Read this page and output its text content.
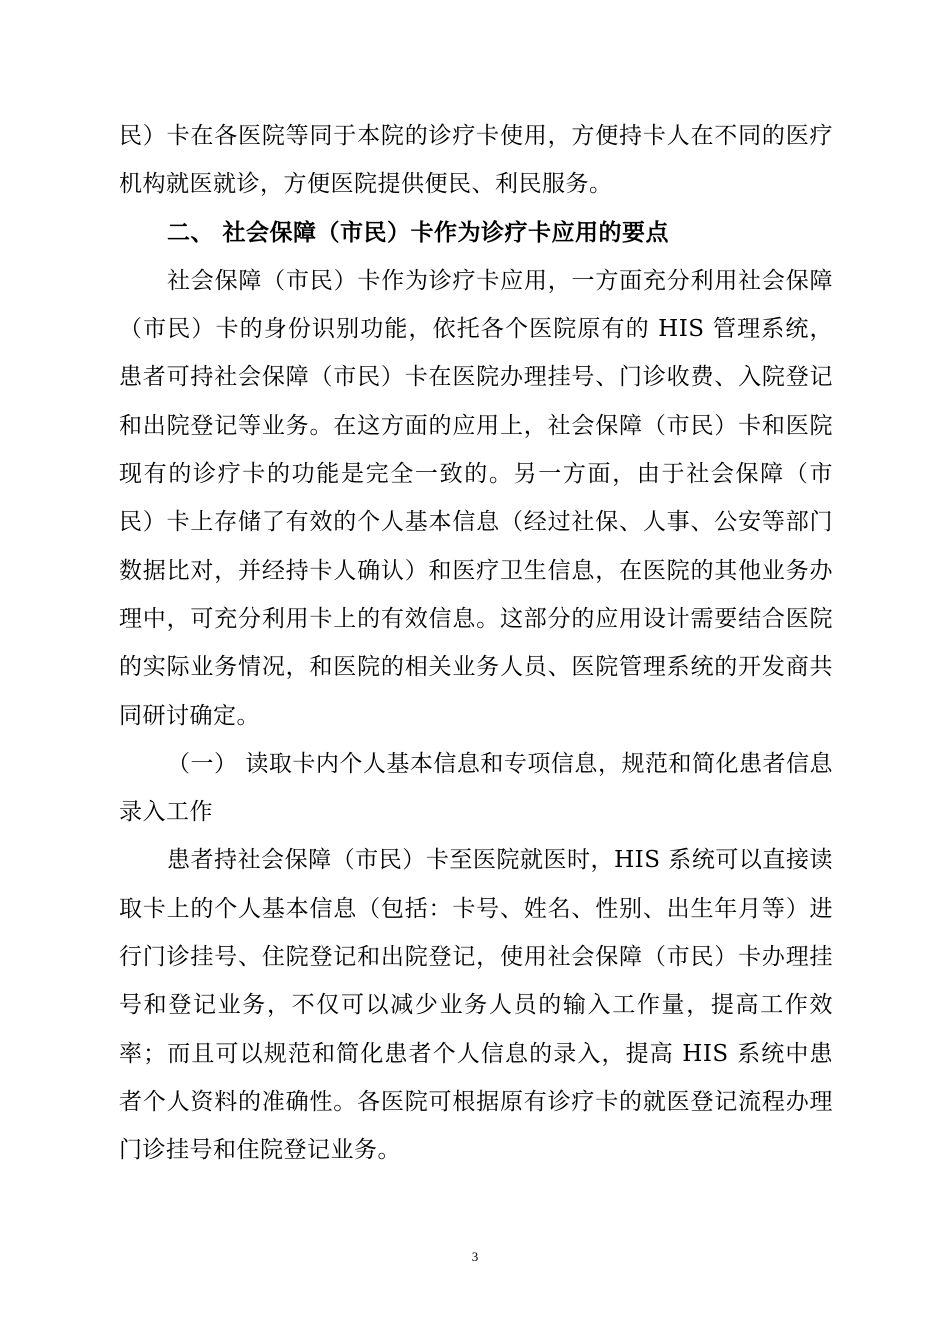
民）卡在各医院等同于本院的诊疗卡使用，方便持卡人在不同的医疗机构就医就诊，方便医院提供便民、利民服务。

二、 社会保障（市民）卡作为诊疗卡应用的要点

社会保障（市民）卡作为诊疗卡应用，一方面充分利用社会保障（市民）卡的身份识别功能，依托各个医院原有的 HIS 管理系统，患者可持社会保障（市民）卡在医院办理挂号、门诊收费、入院登记和出院登记等业务。在这方面的应用上，社会保障（市民）卡和医院现有的诊疗卡的功能是完全一致的。另一方面，由于社会保障（市民）卡上存储了有效的个人基本信息（经过社保、人事、公安等部门数据比对，并经持卡人确认）和医疗卫生信息，在医院的其他业务办理中，可充分利用卡上的有效信息。这部分的应用设计需要结合医院的实际业务情况，和医院的相关业务人员、医院管理系统的开发商共同研讨确定。

（一） 读取卡内个人基本信息和专项信息，规范和简化患者信息录入工作

患者持社会保障（市民）卡至医院就医时，HIS 系统可以直接读取卡上的个人基本信息（包括：卡号、姓名、性别、出生年月等）进行门诊挂号、住院登记和出院登记，使用社会保障（市民）卡办理挂号和登记业务，不仅可以减少业务人员的输入工作量，提高工作效率；而且可以规范和简化患者个人信息的录入，提高 HIS 系统中患者个人资料的准确性。各医院可根据原有诊疗卡的就医登记流程办理门诊挂号和住院登记业务。

3
